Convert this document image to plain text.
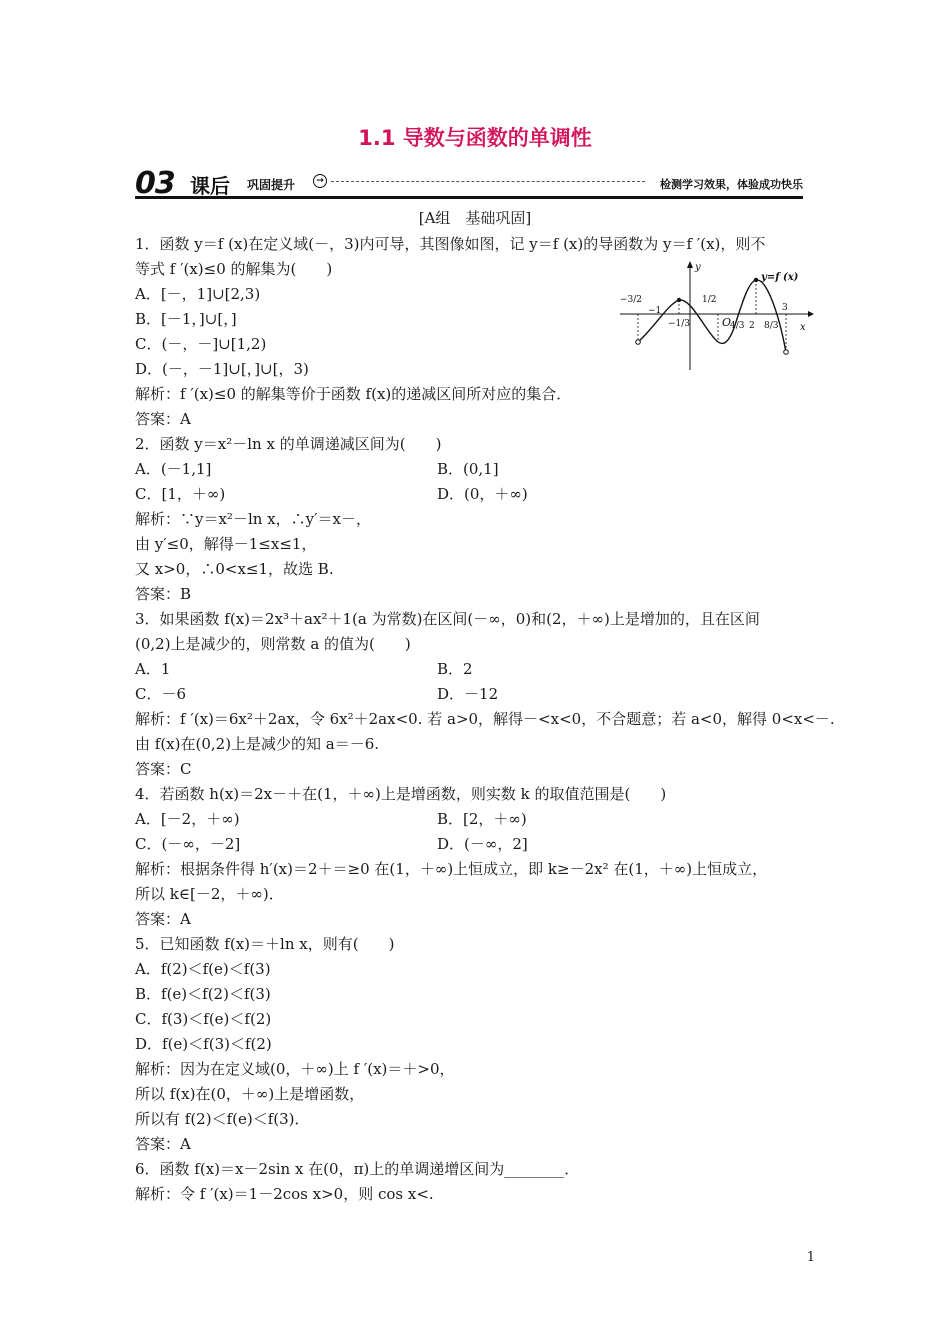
1.1 导数与函数的单调性
03 课后 巩固提升	→	检测学习效果，体验成功快乐
[A组　基础巩固]
1．函数 y＝f (x)在定义域(－，3)内可导，其图像如图，记 y＝f (x)的导函数为 y＝f ′(x)，则不
等式 f ′(x)≤0 的解集为(　　)
A．[－，1]∪[2,3)
B．[－1，]∪[，]
C．(－，－]∪[1,2)
D．(－，－1]∪[，]∪[，3)
解析：f ′(x)≤0 的解集等价于函数 f(x)的递减区间所对应的集合．
答案：A
2．函数 y＝x²－ln x 的单调递减区间为(　　)
A．(－1,1]	B．(0,1]
C．[1，＋∞)	D．(0，＋∞)
解析：∵y＝x²－ln x，∴y′＝x－，
由 y′≤0，解得－1≤x≤1，
又 x>0，∴0<x≤1，故选 B.
答案：B
3．如果函数 f(x)＝2x³＋ax²＋1(a 为常数)在区间(－∞，0)和(2，＋∞)上是增加的，且在区间
(0,2)上是减少的，则常数 a 的值为(　　)
A．1	B．2
C．－6	D．－12
解析：f ′(x)＝6x²＋2ax，令 6x²＋2ax<0. 若 a>0，解得－<x<0，不合题意；若 a<0，解得 0<x<－.
由 f(x)在(0,2)上是减少的知 a＝－6.
答案：C
4．若函数 h(x)＝2x－＋在(1，＋∞)上是增函数，则实数 k 的取值范围是(　　)
A．[－2，＋∞)	B．[2，＋∞)
C．(－∞，－2]	D．(－∞，2]
解析：根据条件得 h′(x)＝2＋＝≥0 在(1，＋∞)上恒成立，即 k≥－2x² 在(1，＋∞)上恒成立，
所以 k∈[－2，＋∞)．
答案：A
5．已知函数 f(x)＝＋ln x，则有(　　)
A．f(2)＜f(e)＜f(3)
B．f(e)＜f(2)＜f(3)
C．f(3)＜f(e)＜f(2)
D．f(e)＜f(3)＜f(2)
解析：因为在定义域(0，＋∞)上 f ′(x)＝＋>0，
所以 f(x)在(0，＋∞)上是增函数，
所以有 f(2)＜f(e)＜f(3)．
答案：A
6．函数 f(x)＝x－2sin x 在(0，π)上的单调递增区间为________．
解析：令 f ′(x)＝1－2cos x>0，则 cos x<.
y
x
O
y=f (x)
−3/2
−1
−1/3
1/2
4/3 2 8/3
3
1
